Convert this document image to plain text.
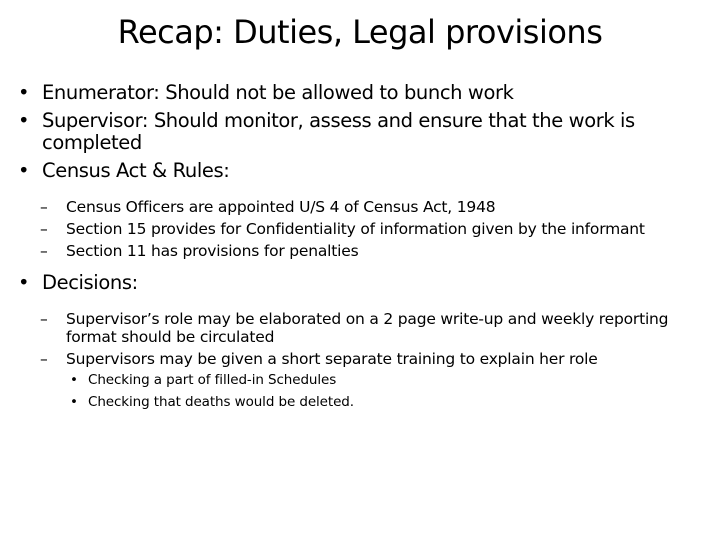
Recap: Duties, Legal provisions
• Enumerator: Should not be allowed to bunch work
• Supervisor: Should monitor, assess and ensure that the work is completed
• Census Act & Rules:
–	Census Officers are appointed U/S 4 of Census Act, 1948
–	Section 15 provides for Confidentiality of information given by the informant
–	Section 11 has provisions for penalties
• Decisions:
–	Supervisor’s role may be elaborated on a 2 page write-up and weekly reporting format should be circulated
–	Supervisors may be given a short separate training to explain her role
• Checking a part of filled-in Schedules
• Checking that deaths would be deleted.
